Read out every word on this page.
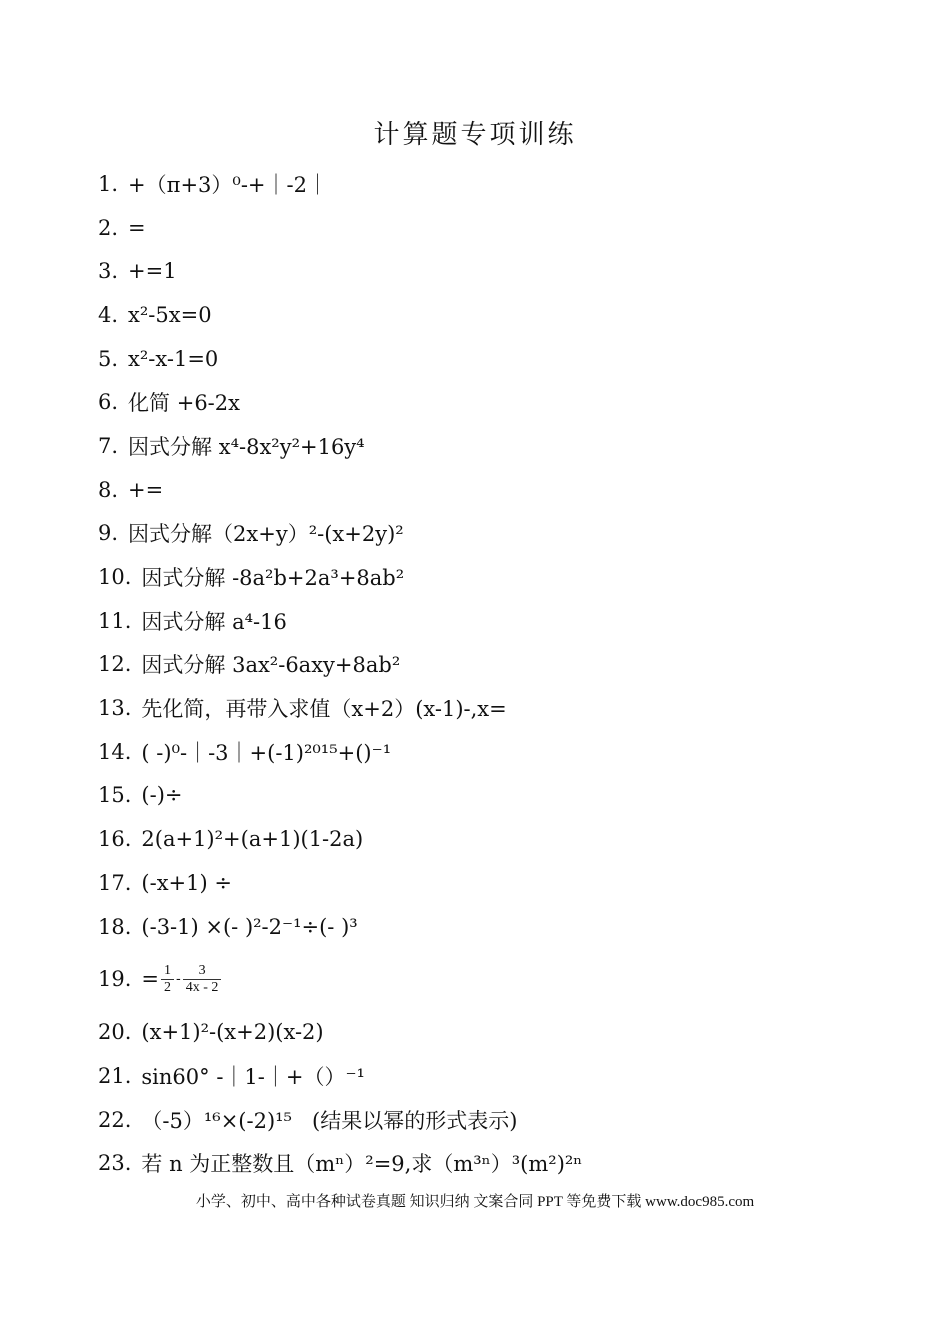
计算题专项训练
1. +（π+3）⁰-+｜-2｜
2. =
3. +=1
4. x²-5x=0
5. x²-x-1=0
6. 化简 +6-2x
7. 因式分解 x⁴-8x²y²+16y⁴
8. +=
9. 因式分解（2x+y）²-(x+2y)²
10. 因式分解 -8a²b+2a³+8ab²
11. 因式分解 a⁴-16
12. 因式分解 3ax²-6axy+8ab²
13. 先化简，再带入求值（x+2）(x-1)-,x=
14. ( -)⁰-｜-3｜+(-1)²⁰¹⁵+()⁻¹
15. (-)÷
16. 2(a+1)²+(a+1)(1-2a)
17. (-x+1) ÷
18. (-3-1) ×(- )²-2⁻¹÷(- )³
19. = $\frac{1}{2} - \frac{3}{4x - 2}$
20. (x+1)²-(x+2)(x-2)
21. sin60° -｜1-｜+（）⁻¹
22. （-5）¹⁶×(-2)¹⁵   (结果以幂的形式表示)
23. 若 n 为正整数且（mⁿ）²=9,求（m³ⁿ）³(m²)²ⁿ
小学、初中、高中各种试卷真题 知识归纳 文案合同 PPT 等免费下载 www.doc985.com
